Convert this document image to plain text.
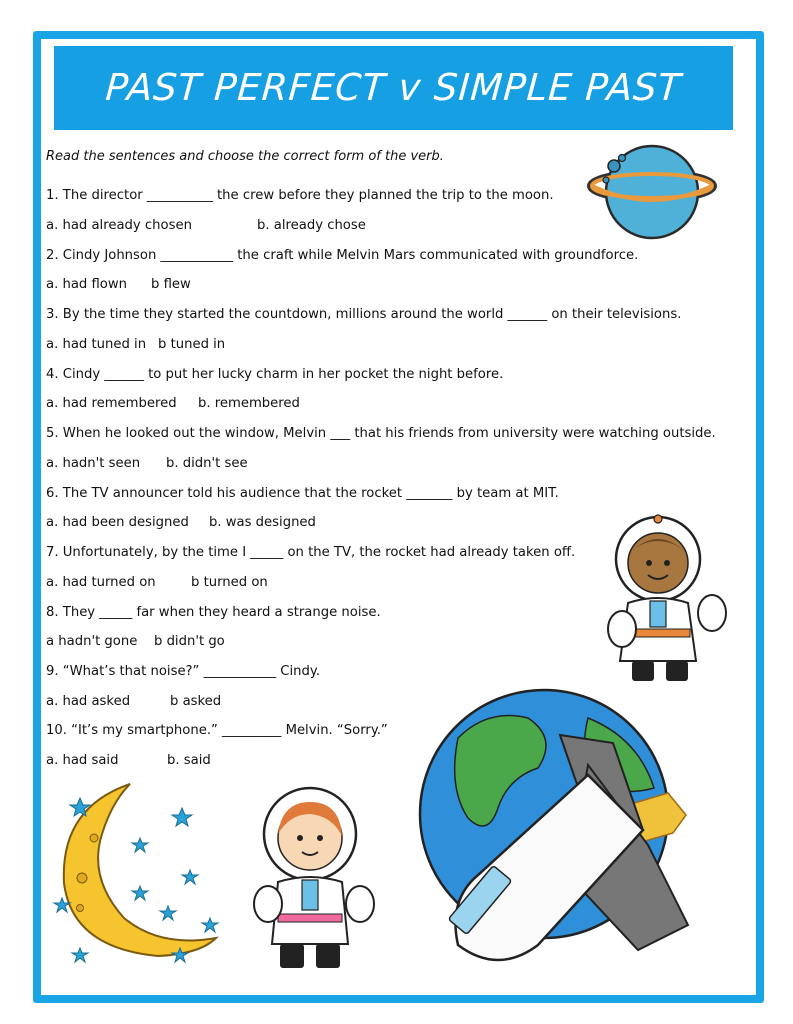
PAST PERFECT v SIMPLE PAST
Read the sentences and choose the correct form of the verb.
1. The director __________ the crew before they planned the trip to the moon.
a. had already chosen	b. already chose
2. Cindy Johnson ___________ the craft while Melvin Mars communicated with groundforce.
a. had flown b flew
3. By the time they started the countdown, millions around the world ______ on their televisions.
a. had tuned in b tuned in
4. Cindy ______ to put her lucky charm in her pocket the night before.
a. had remembered b. remembered
5. When he looked out the window, Melvin ___ that his friends from university were watching outside.
a. hadn't seen b. didn't see
6. The TV announcer told his audience that the rocket _______ by team at MIT.
a. had been designed b. was designed
7. Unfortunately, by the time I _____ on the TV, the rocket had already taken off.
a. had turned on	b turned on
8. They _____ far when they heard a strange noise.
a hadn't gone b didn't go
9. “What’s that noise?” ___________ Cindy.
a. had asked	b asked
10. “It’s my smartphone.” _________ Melvin. “Sorry.”
a. had said	b. said
